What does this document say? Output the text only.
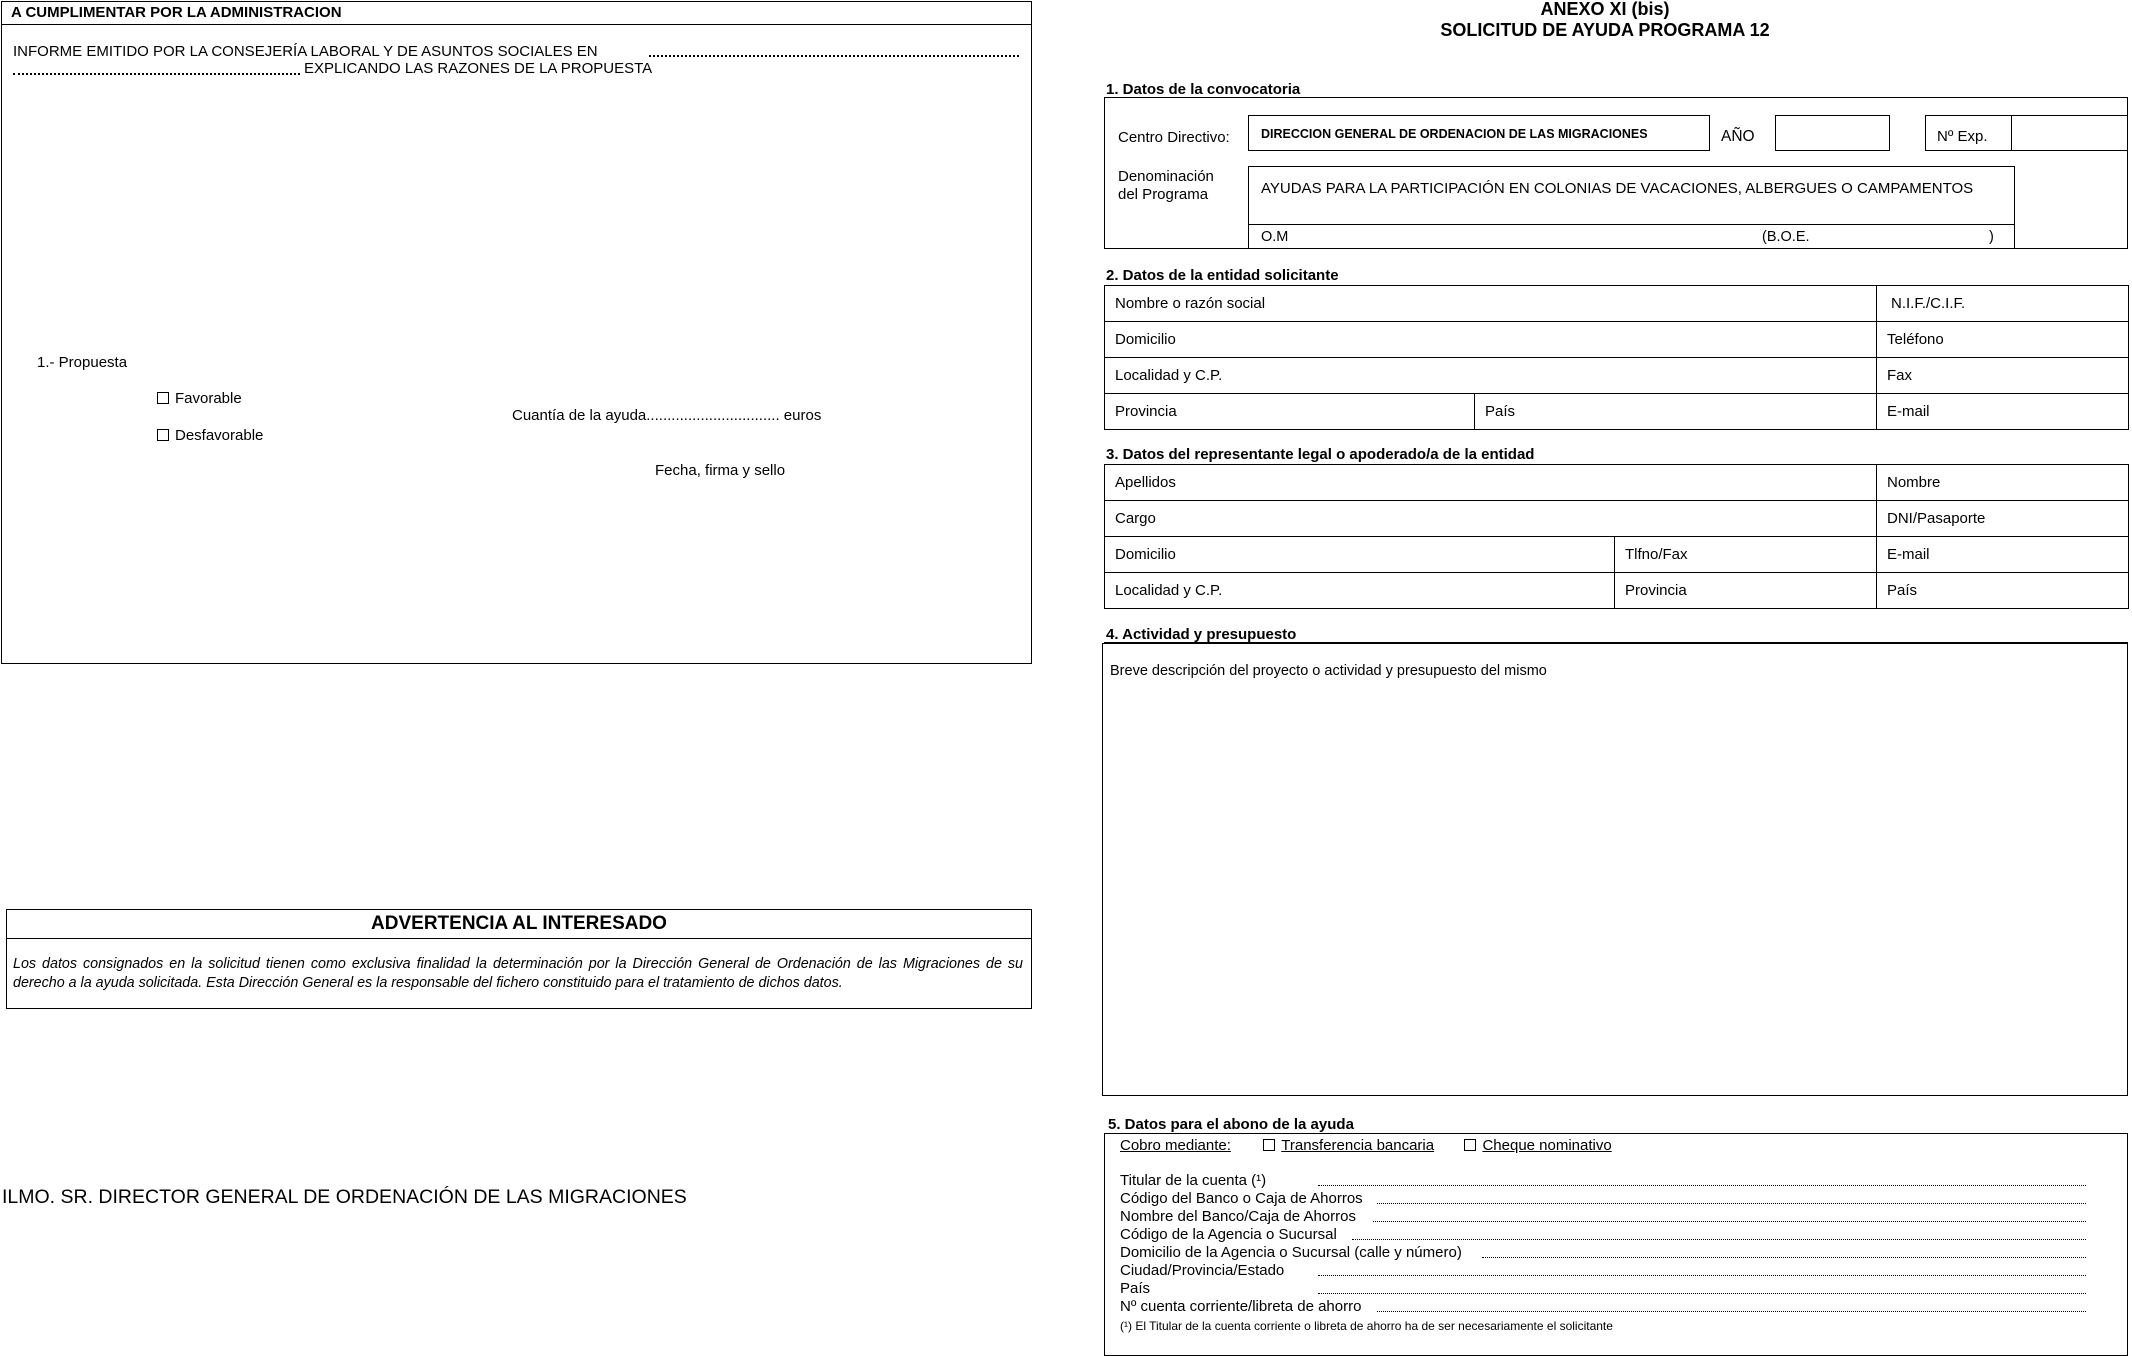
A CUMPLIMENTAR POR LA ADMINISTRACION
INFORME EMITIDO POR LA CONSEJERÍA LABORAL Y DE ASUNTOS SOCIALES EN
EXPLICANDO LAS RAZONES DE LA PROPUESTA
1.- Propuesta
Favorable
Desfavorable
Cuantía de la ayuda................................ euros
Fecha, firma y sello
ADVERTENCIA AL INTERESADO
Los datos consignados en la solicitud tienen como exclusiva finalidad la determinación por la Dirección General de Ordenación de las Migraciones de su derecho a la ayuda solicitada. Esta Dirección General es la responsable del fichero constituido para el tratamiento de dichos datos.
ILMO. SR. DIRECTOR GENERAL DE ORDENACIÓN DE LAS MIGRACIONES
ANEXO XI (bis)
SOLICITUD DE AYUDA PROGRAMA 12
1. Datos de la convocatoria
Centro Directivo:	DIRECCION GENERAL DE ORDENACION DE LAS MIGRACIONES	AÑO	Nº Exp.
Denominación
del Programa	AYUDAS PARA LA PARTICIPACIÓN EN COLONIAS DE VACACIONES, ALBERGUES O CAMPAMENTOS
O.M	(B.O.E.	)
2. Datos de la entidad solicitante
Nombre o razón social		N.I.F./C.I.F.
Domicilio		Teléfono
Localidad y C.P.		Fax
Provincia	País	E-mail
3. Datos del representante legal o apoderado/a de la entidad
Apellidos		Nombre
Cargo		DNI/Pasaporte
Domicilio	Tlfno/Fax	E-mail
Localidad y C.P.	Provincia	País
4. Actividad y presupuesto
Breve descripción del proyecto o actividad y presupuesto del mismo
5. Datos para el abono de la ayuda
Cobro mediante:	Transferencia bancaria	Cheque nominativo
Titular de la cuenta (¹)
Código del Banco o Caja de Ahorros
Nombre del Banco/Caja de Ahorros
Código de la Agencia o Sucursal
Domicilio de la Agencia o Sucursal (calle y número)
Ciudad/Provincia/Estado
País
Nº cuenta corriente/libreta de ahorro
(¹) El Titular de la cuenta corriente o libreta de ahorro ha de ser necesariamente el solicitante
